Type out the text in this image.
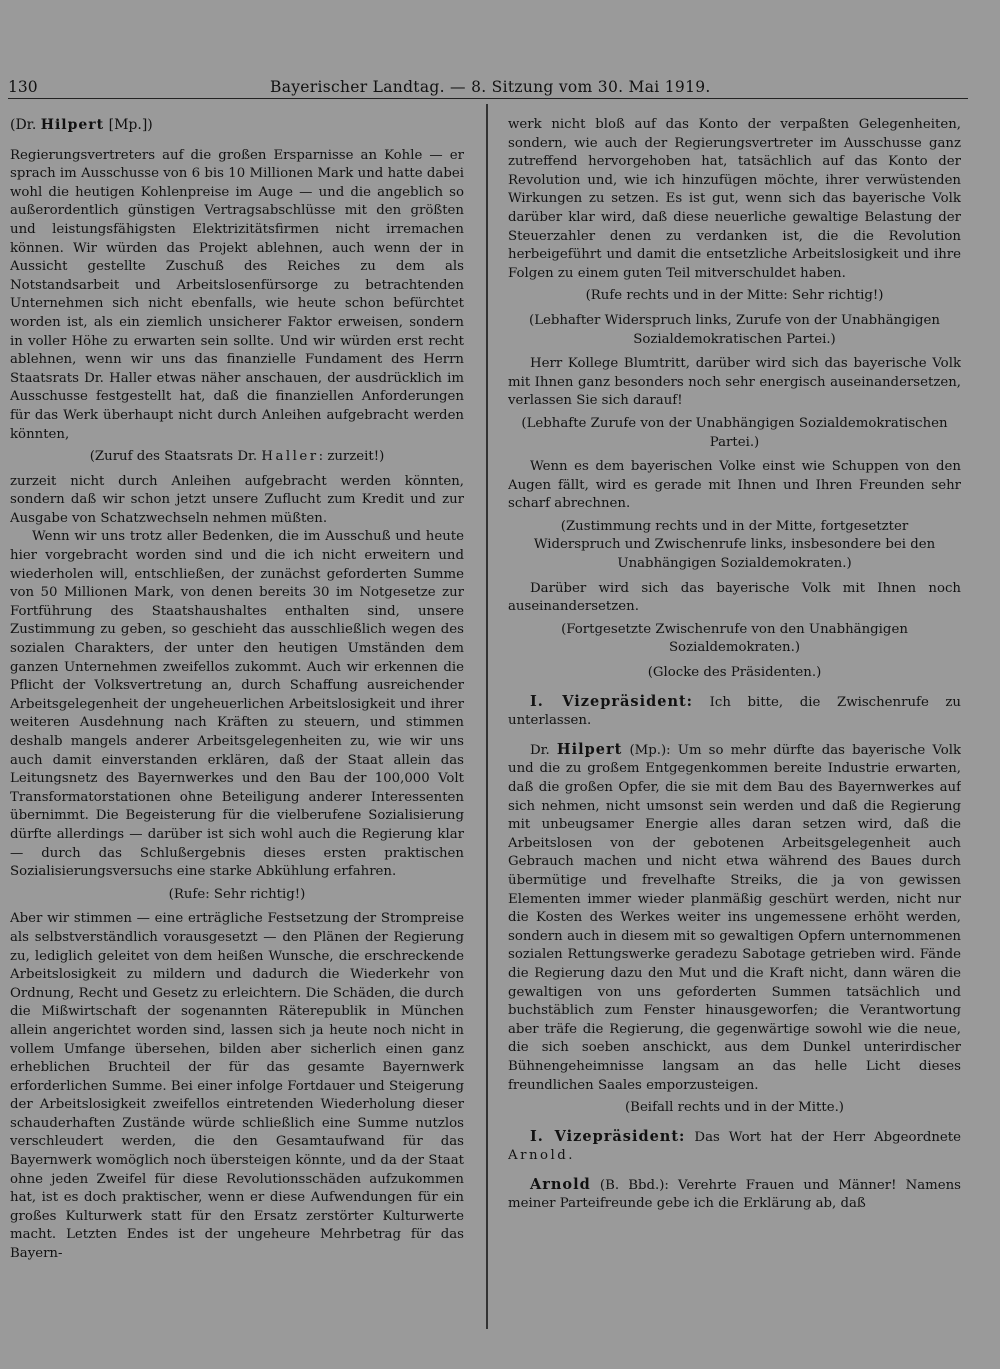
130	Bayerischer Landtag. — 8. Sitzung vom 30. Mai 1919.
(Dr. Hilpert [Mp.])

Regierungsvertreters auf die großen Ersparnisse an Kohle — er sprach im Ausschusse von 6 bis 10 Millionen Mark und hatte dabei wohl die heutigen Kohlenpreise im Auge — und die angeblich so außerordentlich günstigen Vertragsabschlüsse mit den größten und leistungsfähigsten Elektrizitätsfirmen nicht irremachen können. Wir würden das Projekt ablehnen, auch wenn der in Aussicht gestellte Zuschuß des Reiches zu dem als Notstandsarbeit und Arbeitslosenfürsorge zu betrachtenden Unternehmen sich nicht ebenfalls, wie heute schon befürchtet worden ist, als ein ziemlich unsicherer Faktor erweisen, sondern in voller Höhe zu erwarten sein sollte. Und wir würden erst recht ablehnen, wenn wir uns das finanzielle Fundament des Herrn Staatsrats Dr. Haller etwas näher anschauen, der ausdrücklich im Ausschusse festgestellt hat, daß die finanziellen Anforderungen für das Werk überhaupt nicht durch Anleihen aufgebracht werden könnten,

(Zuruf des Staatsrats Dr. Haller: zurzeit!)

zurzeit nicht durch Anleihen aufgebracht werden könnten, sondern daß wir schon jetzt unsere Zuflucht zum Kredit und zur Ausgabe von Schatzwechseln nehmen müßten.

Wenn wir uns trotz aller Bedenken, die im Ausschuß und heute hier vorgebracht worden sind und die ich nicht erweitern und wiederholen will, entschließen, der zunächst geforderten Summe von 50 Millionen Mark, von denen bereits 30 im Notgesetze zur Fortführung des Staatshaushaltes enthalten sind, unsere Zustimmung zu geben, so geschieht das ausschließlich wegen des sozialen Charakters, der unter den heutigen Umständen dem ganzen Unternehmen zweifellos zukommt. Auch wir erkennen die Pflicht der Volksvertretung an, durch Schaffung ausreichender Arbeitsgelegenheit der ungeheuerlichen Arbeitslosigkeit und ihrer weiteren Ausdehnung nach Kräften zu steuern, und stimmen deshalb mangels anderer Arbeitsgelegenheiten zu, wie wir uns auch damit einverstanden erklären, daß der Staat allein das Leitungsnetz des Bayernwerkes und den Bau der 100,000 Volt Transformatorstationen ohne Beteiligung anderer Interessenten übernimmt. Die Begeisterung für die vielberufene Sozialisierung dürfte allerdings — darüber ist sich wohl auch die Regierung klar — durch das Schlußergebnis dieses ersten praktischen Sozialisierungsversuchs eine starke Abkühlung erfahren.

(Rufe: Sehr richtig!)

Aber wir stimmen — eine erträgliche Festsetzung der Strompreise als selbstverständlich vorausgesetzt — den Plänen der Regierung zu, lediglich geleitet von dem heißen Wunsche, die erschreckende Arbeitslosigkeit zu mildern und dadurch die Wiederkehr von Ordnung, Recht und Gesetz zu erleichtern. Die Schäden, die durch die Mißwirtschaft der sogenannten Räterepublik in München allein angerichtet worden sind, lassen sich ja heute noch nicht in vollem Umfange übersehen, bilden aber sicherlich einen ganz erheblichen Bruchteil der für das gesamte Bayernwerk erforderlichen Summe. Bei einer infolge Fortdauer und Steigerung der Arbeitslosigkeit zweifellos eintretenden Wiederholung dieser schauderhaften Zustände würde schließlich eine Summe nutzlos verschleudert werden, die den Gesamtaufwand für das Bayernwerk womöglich noch übersteigen könnte, und da der Staat ohne jeden Zweifel für diese Revolutionsschäden aufzukommen hat, ist es doch praktischer, wenn er diese Aufwendungen für ein großes Kulturwerk statt für den Ersatz zerstörter Kulturwerte macht. Letzten Endes ist der ungeheure Mehrbetrag für das Bayern-

werk nicht bloß auf das Konto der verpaßten Gelegenheiten, sondern, wie auch der Regierungsvertreter im Ausschusse ganz zutreffend hervorgehoben hat, tatsächlich auf das Konto der Revolution und, wie ich hinzufügen möchte, ihrer verwüstenden Wirkungen zu setzen. Es ist gut, wenn sich das bayerische Volk darüber klar wird, daß diese neuerliche gewaltige Belastung der Steuerzahler denen zu verdanken ist, die die Revolution herbeigeführt und damit die entsetzliche Arbeitslosigkeit und ihre Folgen zu einem guten Teil mitverschuldet haben.

(Rufe rechts und in der Mitte: Sehr richtig!)

(Lebhafter Widerspruch links, Zurufe von der Unabhängigen Sozialdemokratischen Partei.)

Herr Kollege Blumtritt, darüber wird sich das bayerische Volk mit Ihnen ganz besonders noch sehr energisch auseinandersetzen, verlassen Sie sich darauf!

(Lebhafte Zurufe von der Unabhängigen Sozialdemokratischen Partei.)

Wenn es dem bayerischen Volke einst wie Schuppen von den Augen fällt, wird es gerade mit Ihnen und Ihren Freunden sehr scharf abrechnen.

(Zustimmung rechts und in der Mitte, fortgesetzter Widerspruch und Zwischenrufe links, insbesondere bei den Unabhängigen Sozialdemokraten.)

Darüber wird sich das bayerische Volk mit Ihnen noch auseinandersetzen.

(Fortgesetzte Zwischenrufe von den Unabhängigen Sozialdemokraten.)

(Glocke des Präsidenten.)

I. Vizepräsident: Ich bitte, die Zwischenrufe zu unterlassen.

Dr. Hilpert (Mp.): Um so mehr dürfte das bayerische Volk und die zu großem Entgegenkommen bereite Industrie erwarten, daß die großen Opfer, die sie mit dem Bau des Bayernwerkes auf sich nehmen, nicht umsonst sein werden und daß die Regierung mit unbeugsamer Energie alles daran setzen wird, daß die Arbeitslosen von der gebotenen Arbeitsgelegenheit auch Gebrauch machen und nicht etwa während des Baues durch übermütige und frevelhafte Streiks, die ja von gewissen Elementen immer wieder planmäßig geschürt werden, nicht nur die Kosten des Werkes weiter ins ungemessene erhöht werden, sondern auch in diesem mit so gewaltigen Opfern unternommenen sozialen Rettungswerke geradezu Sabotage getrieben wird. Fände die Regierung dazu den Mut und die Kraft nicht, dann wären die gewaltigen von uns geforderten Summen tatsächlich und buchstäblich zum Fenster hinausgeworfen; die Verantwortung aber träfe die Regierung, die gegenwärtige sowohl wie die neue, die sich soeben anschickt, aus dem Dunkel unterirdischer Bühnengeheimnisse langsam an das helle Licht dieses freundlichen Saales emporzusteigen.

(Beifall rechts und in der Mitte.)

I. Vizepräsident: Das Wort hat der Herr Abgeordnete Arnold.

Arnold (B. Bbd.): Verehrte Frauen und Männer! Namens meiner Parteifreunde gebe ich die Erklärung ab, daß
